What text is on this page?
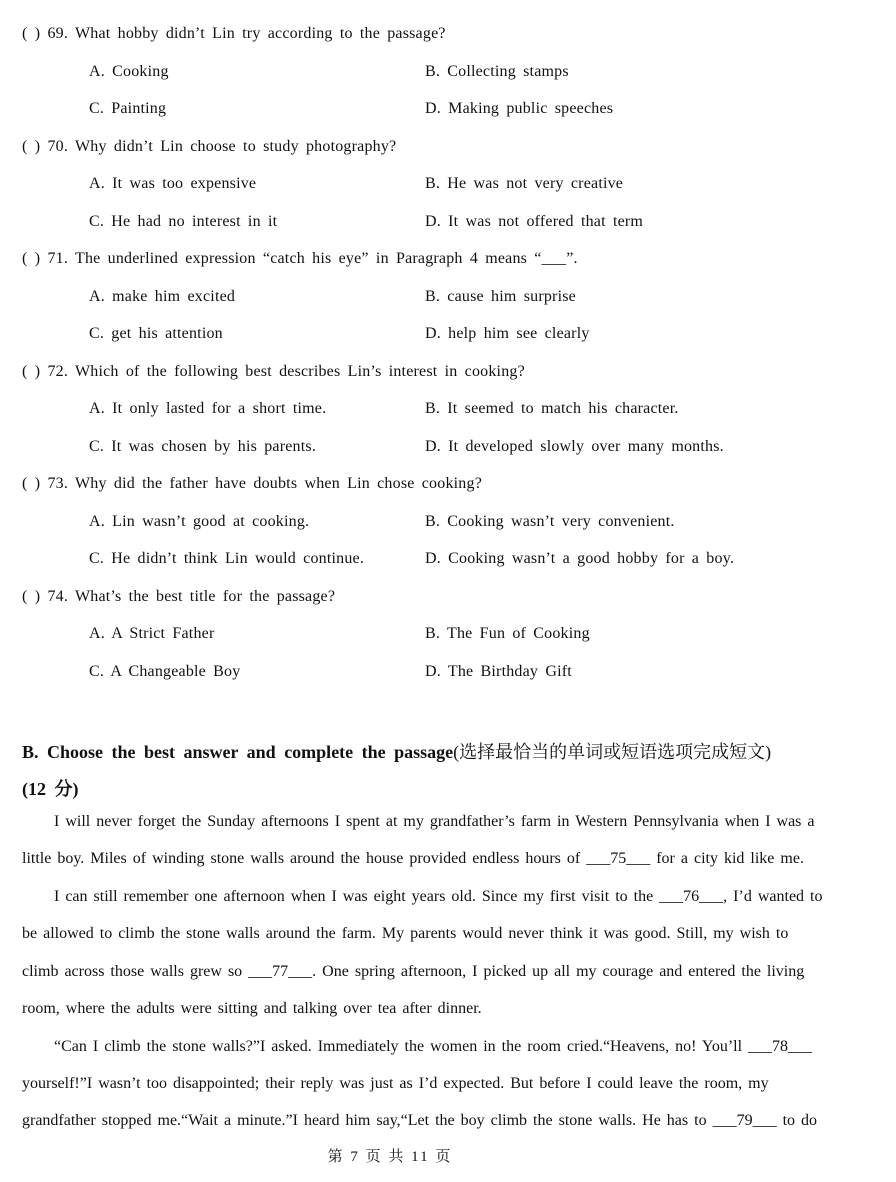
( ) 69. What hobby didn’t Lin try according to the passage?
A. Cooking	B. Collecting stamps
C. Painting	D. Making public speeches
( ) 70. Why didn’t Lin choose to study photography?
A. It was too expensive	B. He was not very creative
C. He had no interest in it	D. It was not offered that term
( ) 71. The underlined expression “catch his eye” in Paragraph 4 means “___”.
A. make him excited	B. cause him surprise
C. get his attention	D. help him see clearly
( ) 72. Which of the following best describes Lin’s interest in cooking?
A. It only lasted for a short time.	B. It seemed to match his character.
C. It was chosen by his parents.	D. It developed slowly over many months.
( ) 73. Why did the father have doubts when Lin chose cooking?
A. Lin wasn’t good at cooking.	B. Cooking wasn’t very convenient.
C. He didn’t think Lin would continue.	D. Cooking wasn’t a good hobby for a boy.
( ) 74. What’s the best title for the passage?
A. A Strict Father	B. The Fun of Cooking
C. A Changeable Boy	D. The Birthday Gift
B. Choose the best answer and complete the passage(选择最恰当的单词或短语选项完成短文)
(12 分)
I will never forget the Sunday afternoons I spent at my grandfather’s farm in Western Pennsylvania when I was a
little boy. Miles of winding stone walls around the house provided endless hours of ___75___ for a city kid like me.
I can still remember one afternoon when I was eight years old. Since my first visit to the ___76___, I’d wanted to
be allowed to climb the stone walls around the farm. My parents would never think it was good. Still, my wish to
climb across those walls grew so ___77___. One spring afternoon, I picked up all my courage and entered the living
room, where the adults were sitting and talking over tea after dinner.
“Can I climb the stone walls?”I asked. Immediately the women in the room cried.“Heavens, no! You’ll ___78___
yourself!”I wasn’t too disappointed; their reply was just as I’d expected. But before I could leave the room, my
grandfather stopped me.“Wait a minute.”I heard him say,“Let the boy climb the stone walls. He has to ___79___ to do
第 7 页 共 11 页
